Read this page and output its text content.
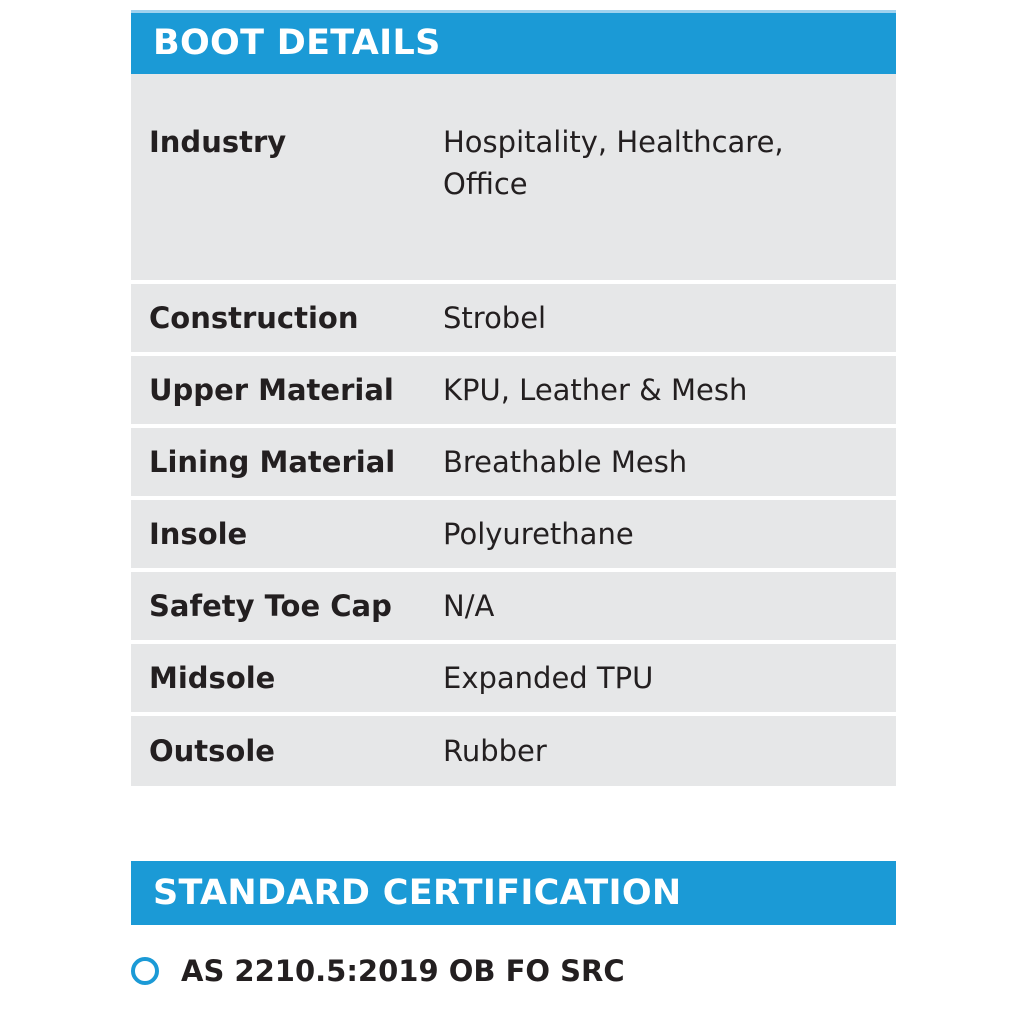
BOOT DETAILS
Industry	Hospitality, Healthcare, Office
Construction	Strobel
Upper Material	KPU, Leather & Mesh
Lining Material	Breathable Mesh
Insole	Polyurethane
Safety Toe Cap	N/A
Midsole	Expanded TPU
Outsole	Rubber
STANDARD CERTIFICATION
AS 2210.5:2019 OB FO SRC
